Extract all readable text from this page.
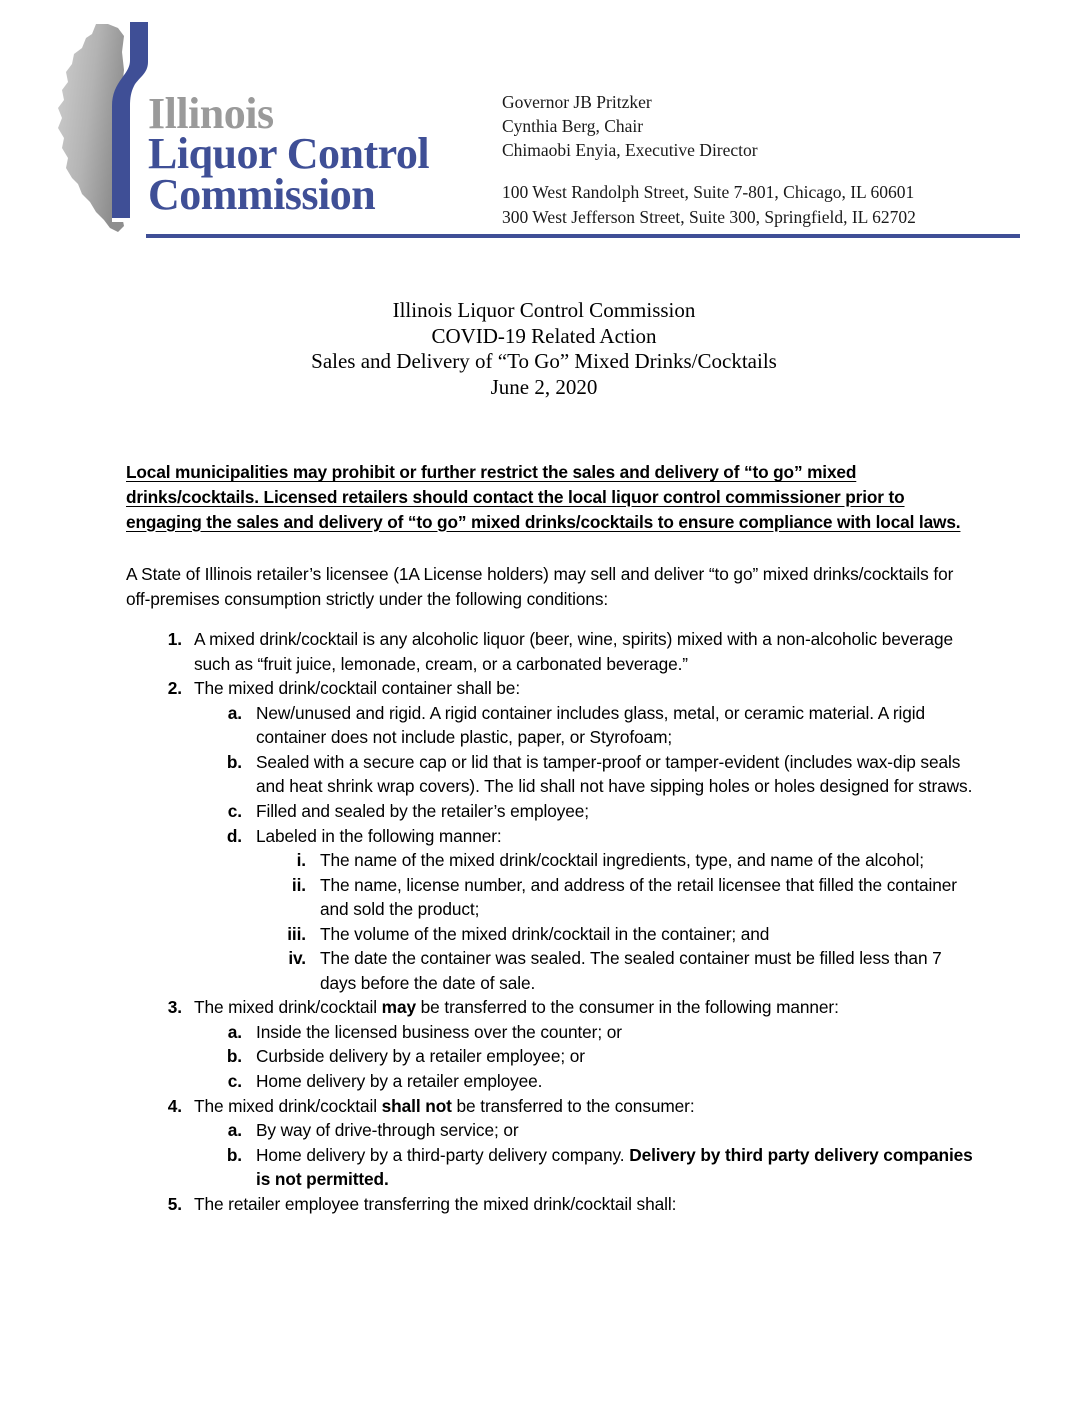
Illinois
Liquor Control
Commission
Governor JB Pritzker
Cynthia Berg, Chair
Chimaobi Enyia, Executive Director
100 West Randolph Street, Suite 7-801, Chicago, IL 60601
300 West Jefferson Street, Suite 300, Springfield, IL 62702
Illinois Liquor Control Commission
COVID-19 Related Action
Sales and Delivery of “To Go” Mixed Drinks/Cocktails
June 2, 2020

Local municipalities may prohibit or further restrict the sales and delivery of “to go” mixed drinks/cocktails. Licensed retailers should contact the local liquor control commissioner prior to engaging the sales and delivery of “to go” mixed drinks/cocktails to ensure compliance with local laws.

A State of Illinois retailer’s licensee (1A License holders) may sell and deliver “to go” mixed drinks/cocktails for off-premises consumption strictly under the following conditions:

1. A mixed drink/cocktail is any alcoholic liquor (beer, wine, spirits) mixed with a non-alcoholic beverage such as “fruit juice, lemonade, cream, or a carbonated beverage.”
2. The mixed drink/cocktail container shall be:
a. New/unused and rigid. A rigid container includes glass, metal, or ceramic material. A rigid container does not include plastic, paper, or Styrofoam;
b. Sealed with a secure cap or lid that is tamper-proof or tamper-evident (includes wax-dip seals and heat shrink wrap covers). The lid shall not have sipping holes or holes designed for straws.
c. Filled and sealed by the retailer’s employee;
d. Labeled in the following manner:
i. The name of the mixed drink/cocktail ingredients, type, and name of the alcohol;
ii. The name, license number, and address of the retail licensee that filled the container and sold the product;
iii. The volume of the mixed drink/cocktail in the container; and
iv. The date the container was sealed. The sealed container must be filled less than 7 days before the date of sale.
3. The mixed drink/cocktail may be transferred to the consumer in the following manner:
a. Inside the licensed business over the counter; or
b. Curbside delivery by a retailer employee; or
c. Home delivery by a retailer employee.
4. The mixed drink/cocktail shall not be transferred to the consumer:
a. By way of drive-through service; or
b. Home delivery by a third-party delivery company. Delivery by third party delivery companies is not permitted.
5. The retailer employee transferring the mixed drink/cocktail shall:
